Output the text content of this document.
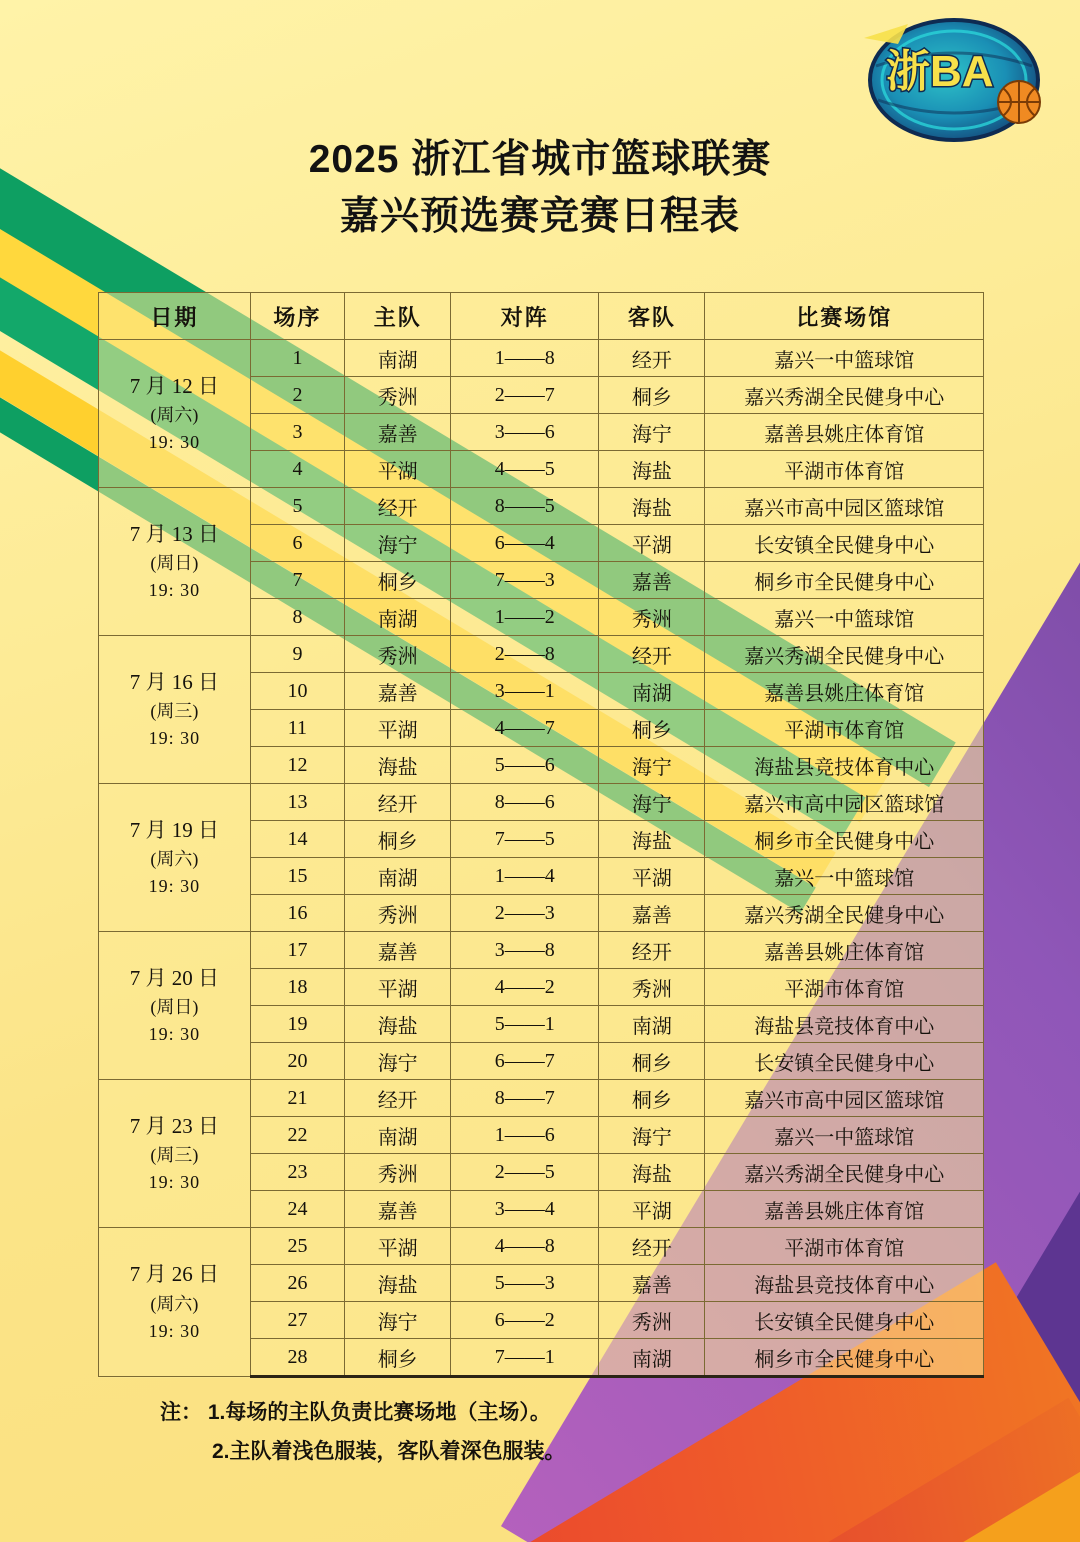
浙BA
2025 浙江省城市篮球联赛
嘉兴预选赛竞赛日程表
日期	场序	主队	对阵	客队	比赛场馆

7 月 12 日
(周六)
19: 30	1	南湖	1——8	经开	嘉兴一中篮球馆
	2	秀洲	2——7	桐乡	嘉兴秀湖全民健身中心
	3	嘉善	3——6	海宁	嘉善县姚庄体育馆
	4	平湖	4——5	海盐	平湖市体育馆

7 月 13 日
(周日)
19: 30	5	经开	8——5	海盐	嘉兴市高中园区篮球馆
	6	海宁	6——4	平湖	长安镇全民健身中心
	7	桐乡	7——3	嘉善	桐乡市全民健身中心
	8	南湖	1——2	秀洲	嘉兴一中篮球馆

7 月 16 日
(周三)
19: 30	9	秀洲	2——8	经开	嘉兴秀湖全民健身中心
	10	嘉善	3——1	南湖	嘉善县姚庄体育馆
	11	平湖	4——7	桐乡	平湖市体育馆
	12	海盐	5——6	海宁	海盐县竞技体育中心

7 月 19 日
(周六)
19: 30	13	经开	8——6	海宁	嘉兴市高中园区篮球馆
	14	桐乡	7——5	海盐	桐乡市全民健身中心
	15	南湖	1——4	平湖	嘉兴一中篮球馆
	16	秀洲	2——3	嘉善	嘉兴秀湖全民健身中心

7 月 20 日
(周日)
19: 30	17	嘉善	3——8	经开	嘉善县姚庄体育馆
	18	平湖	4——2	秀洲	平湖市体育馆
	19	海盐	5——1	南湖	海盐县竞技体育中心
	20	海宁	6——7	桐乡	长安镇全民健身中心

7 月 23 日
(周三)
19: 30	21	经开	8——7	桐乡	嘉兴市高中园区篮球馆
	22	南湖	1——6	海宁	嘉兴一中篮球馆
	23	秀洲	2——5	海盐	嘉兴秀湖全民健身中心
	24	嘉善	3——4	平湖	嘉善县姚庄体育馆

7 月 26 日
(周六)
19: 30	25	平湖	4——8	经开	平湖市体育馆
	26	海盐	5——3	嘉善	海盐县竞技体育中心
	27	海宁	6——2	秀洲	长安镇全民健身中心
	28	桐乡	7——1	南湖	桐乡市全民健身中心
注： 1.每场的主队负责比赛场地（主场）。
2.主队着浅色服装，客队着深色服装。
